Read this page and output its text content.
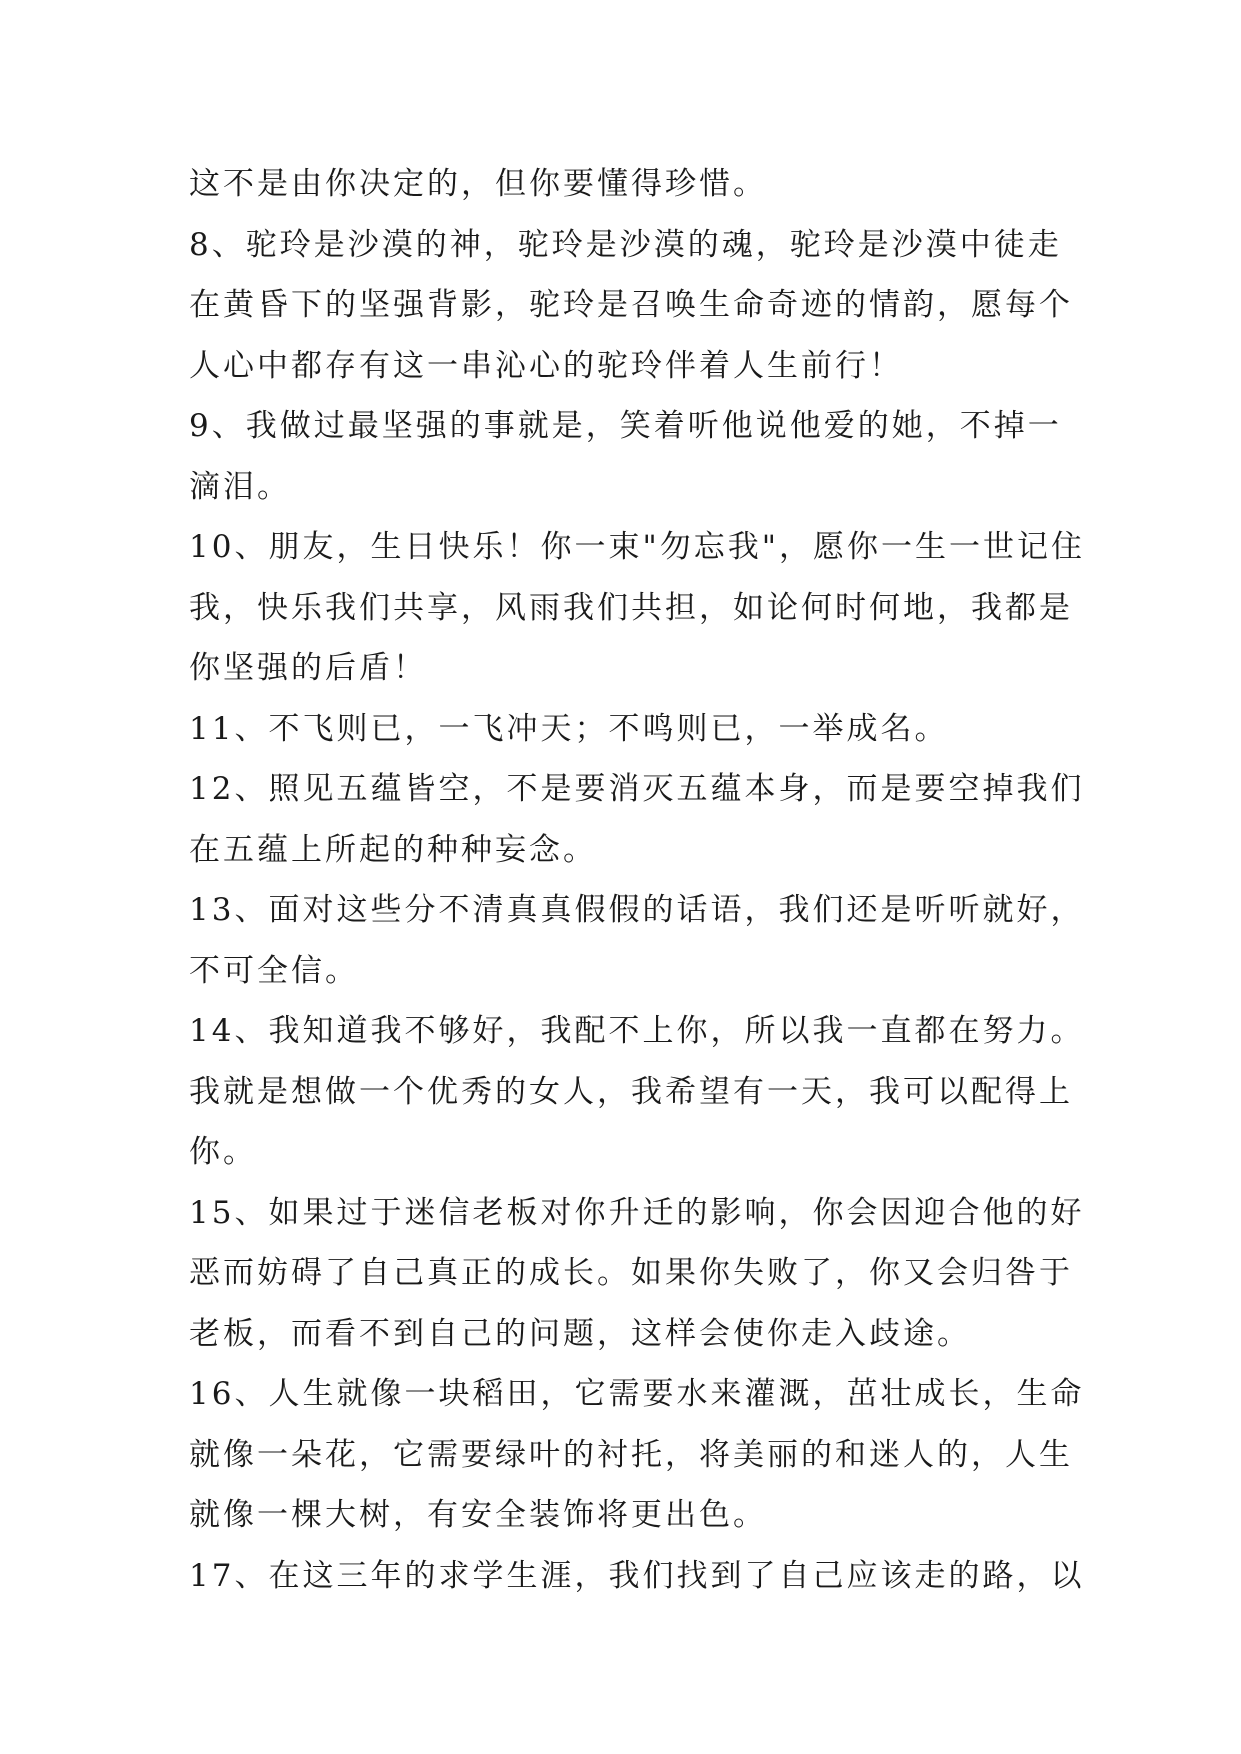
这不是由你决定的，但你要懂得珍惜。

8、驼玲是沙漠的神，驼玲是沙漠的魂，驼玲是沙漠中徒走

在黄昏下的坚强背影，驼玲是召唤生命奇迹的情韵，愿每个

人心中都存有这一串沁心的驼玲伴着人生前行！

9、我做过最坚强的事就是，笑着听他说他爱的她，不掉一

滴泪。

10、朋友，生日快乐！你一束"勿忘我"，愿你一生一世记住

我，快乐我们共享，风雨我们共担，如论何时何地，我都是

你坚强的后盾！

11、不飞则已，一飞冲天；不鸣则已，一举成名。

12、照见五蕴皆空，不是要消灭五蕴本身，而是要空掉我们

在五蕴上所起的种种妄念。

13、面对这些分不清真真假假的话语，我们还是听听就好，

不可全信。

14、我知道我不够好，我配不上你，所以我一直都在努力。

我就是想做一个优秀的女人，我希望有一天，我可以配得上

你。

15、如果过于迷信老板对你升迁的影响，你会因迎合他的好

恶而妨碍了自己真正的成长。如果你失败了，你又会归咎于

老板，而看不到自己的问题，这样会使你走入歧途。

16、人生就像一块稻田，它需要水来灌溉，茁壮成长，生命

就像一朵花，它需要绿叶的衬托，将美丽的和迷人的，人生

就像一棵大树，有安全装饰将更出色。

17、在这三年的求学生涯，我们找到了自己应该走的路，以
